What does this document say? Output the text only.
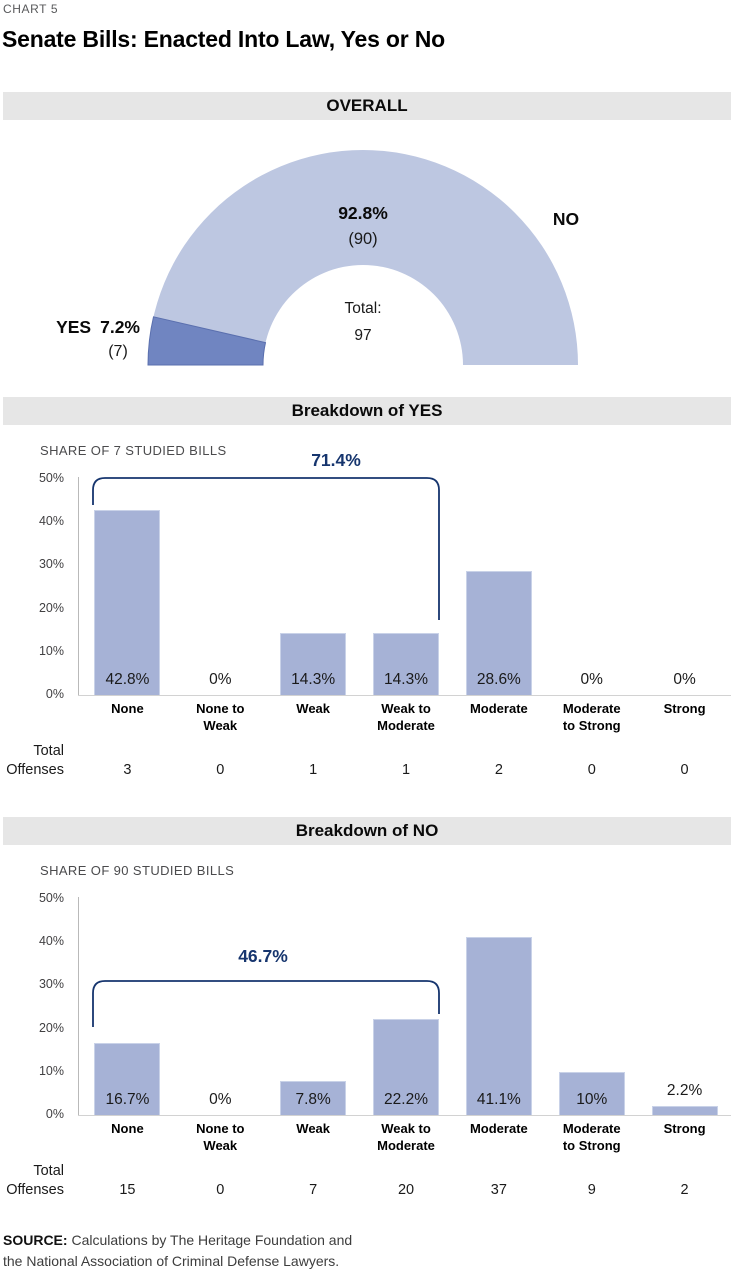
CHART 5
Senate Bills: Enacted Into Law, Yes or No
OVERALL
92.8%
(90)
NO
YES 7.2%
(7)
Total:
97
Breakdown of YES
SHARE OF 7 STUDIED BILLS
50%
40%
30%
20%
10%
0%
42.8%	0%	14.3%	14.3%	28.6%	0%	0%
71.4%
None	None to Weak
Weak	Weak to Moderate
Moderate	Moderate to Strong
Strong
Total
Offenses	3	0	1	1	2	0	0
Breakdown of NO
SHARE OF 90 STUDIED BILLS
50%
40%
30%
20%
10%
0%
16.7%	0%	7.8%	22.2%	41.1%	10%
2.2%
46.7%
None	None to Weak
Weak	Weak to Moderate
Moderate	Moderate to Strong
Strong
Total
Offenses	15	0	7	20	37	9	2
SOURCE: Calculations by The Heritage Foundation and the National Association of Criminal Defense Lawyers.
